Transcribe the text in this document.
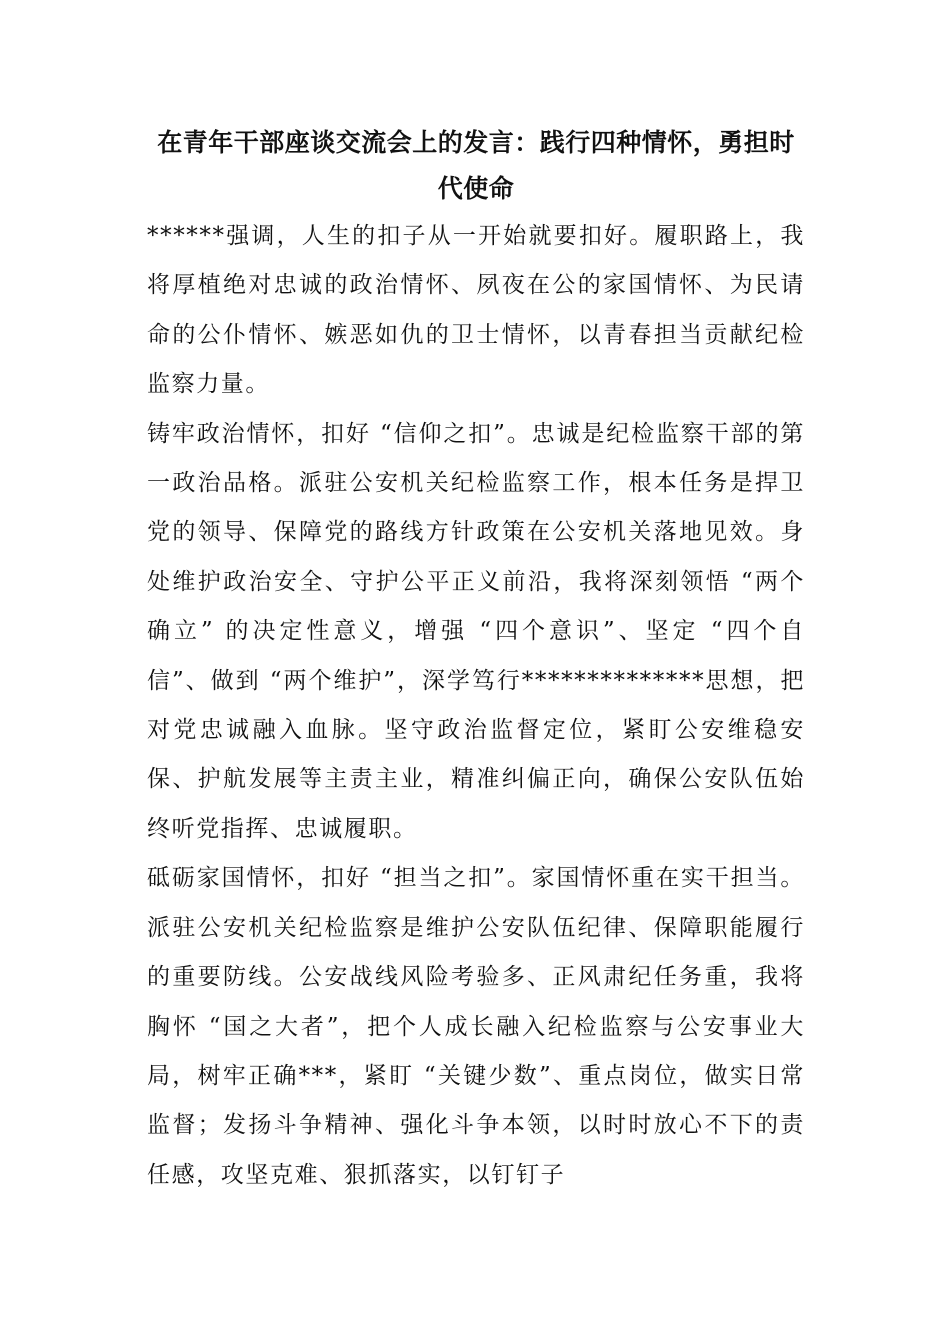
在青年干部座谈交流会上的发言：践行四种情怀，勇担时代使命

******强调，人生的扣子从一开始就要扣好。履职路上，我将厚植绝对忠诚的政治情怀、夙夜在公的家国情怀、为民请命的公仆情怀、嫉恶如仇的卫士情怀，以青春担当贡献纪检监察力量。

铸牢政治情怀，扣好 “信仰之扣”。忠诚是纪检监察干部的第一政治品格。派驻公安机关纪检监察工作，根本任务是捍卫党的领导、保障党的路线方针政策在公安机关落地见效。身处维护政治安全、守护公平正义前沿，我将深刻领悟 “两个确立” 的决定性意义，增强 “四个意识”、坚定 “四个自信”、做到 “两个维护”，深学笃行**************思想，把对党忠诚融入血脉。坚守政治监督定位，紧盯公安维稳安保、护航发展等主责主业，精准纠偏正向，确保公安队伍始终听党指挥、忠诚履职。

砥砺家国情怀，扣好 “担当之扣”。家国情怀重在实干担当。派驻公安机关纪检监察是维护公安队伍纪律、保障职能履行的重要防线。公安战线风险考验多、正风肃纪任务重，我将胸怀 “国之大者”，把个人成长融入纪检监察与公安事业大局，树牢正确***，紧盯 “关键少数”、重点岗位，做实日常监督；发扬斗争精神、强化斗争本领，以时时放心不下的责任感，攻坚克难、狠抓落实，以钉钉子
